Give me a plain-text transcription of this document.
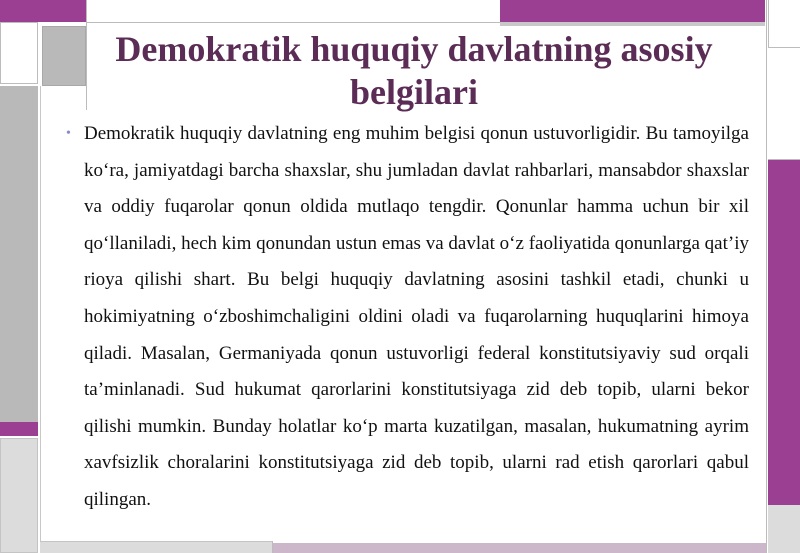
Demokratik huquqiy davlatning asosiy belgilari
• Demokratik huquqiy davlatning eng muhim belgisi qonun ustuvorligidir. Bu tamoyilga ko‘ra, jamiyatdagi barcha shaxslar, shu jumladan davlat rahbarlari, mansabdor shaxslar va oddiy fuqarolar qonun oldida mutlaqo tengdir. Qonunlar hamma uchun bir xil qo‘llaniladi, hech kim qonundan ustun emas va davlat o‘z faoliyatida qonunlarga qat’iy rioya qilishi shart. Bu belgi huquqiy davlatning asosini tashkil etadi, chunki u hokimiyatning o‘zboshimchaligini oldini oladi va fuqarolarning huquqlarini himoya qiladi. Masalan, Germaniyada qonun ustuvorligi federal konstitutsiyaviy sud orqali ta’minlanadi. Sud hukumat qarorlarini konstitutsiyaga zid deb topib, ularni bekor qilishi mumkin. Bunday holatlar ko‘p marta kuzatilgan, masalan, hukumatning ayrim xavfsizlik choralarini konstitutsiyaga zid deb topib, ularni rad etish qarorlari qabul qilingan.
